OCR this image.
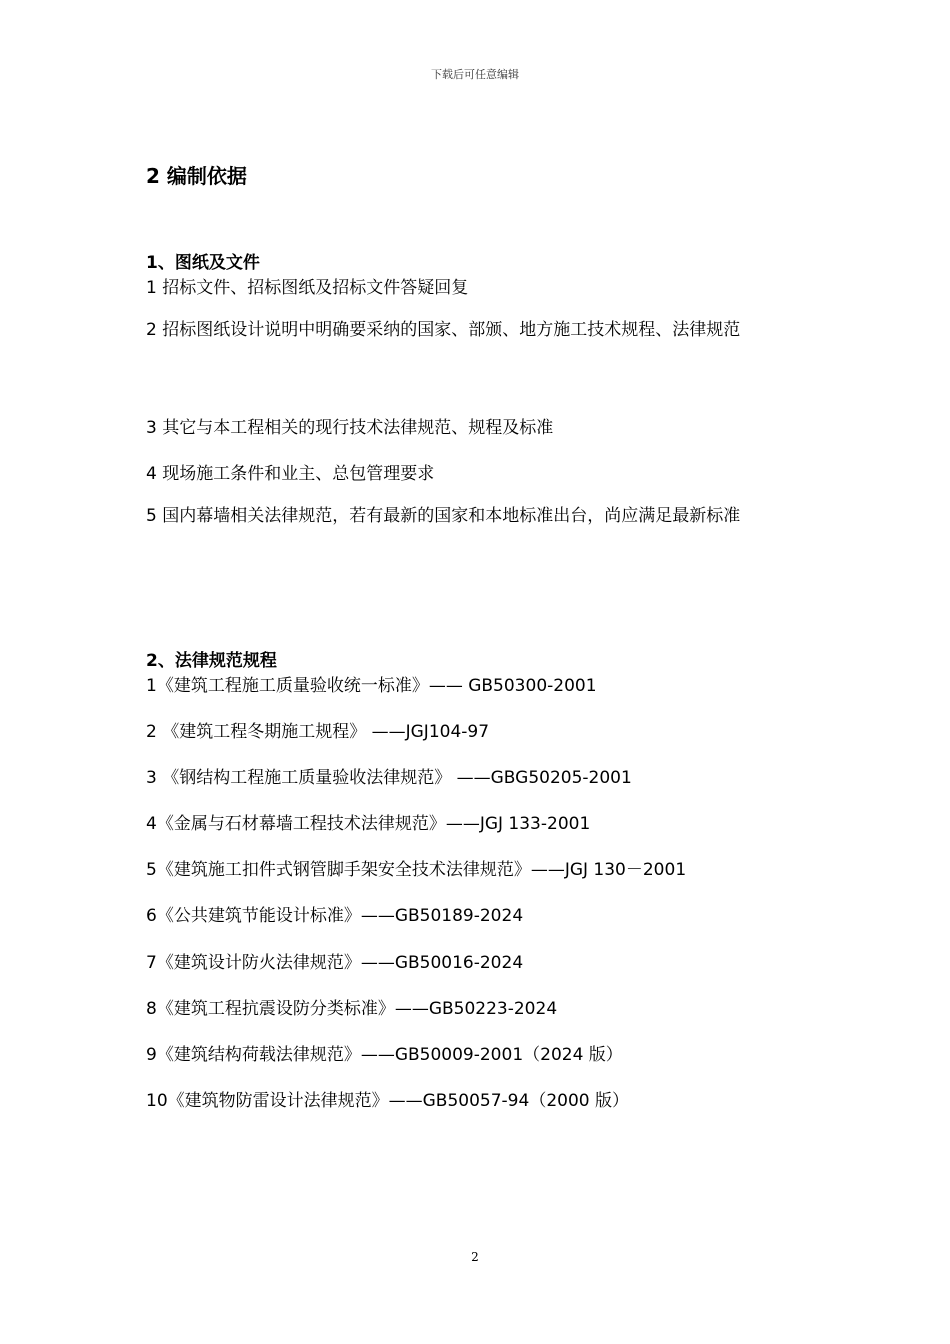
下载后可任意编辑
2 编制依据
1、图纸及文件
1 招标文件、招标图纸及招标文件答疑回复
2 招标图纸设计说明中明确要采纳的国家、部颁、地方施工技术规程、法律规范
3 其它与本工程相关的现行技术法律规范、规程及标准
4 现场施工条件和业主、总包管理要求
5 国内幕墙相关法律规范，若有最新的国家和本地标准出台，尚应满足最新标准
2、法律规范规程
1《建筑工程施工质量验收统一标准》—— GB50300-2001
2 《建筑工程冬期施工规程》 ——JGJ104-97
3 《钢结构工程施工质量验收法律规范》 ——GBG50205-2001
4《金属与石材幕墙工程技术法律规范》——JGJ 133-2001
5《建筑施工扣件式钢管脚手架安全技术法律规范》——JGJ 130－2001
6《公共建筑节能设计标准》——GB50189-2024
7《建筑设计防火法律规范》——GB50016-2024
8《建筑工程抗震设防分类标准》——GB50223-2024
9《建筑结构荷载法律规范》——GB50009-2001（2024 版）
10《建筑物防雷设计法律规范》——GB50057-94（2000 版）
2
